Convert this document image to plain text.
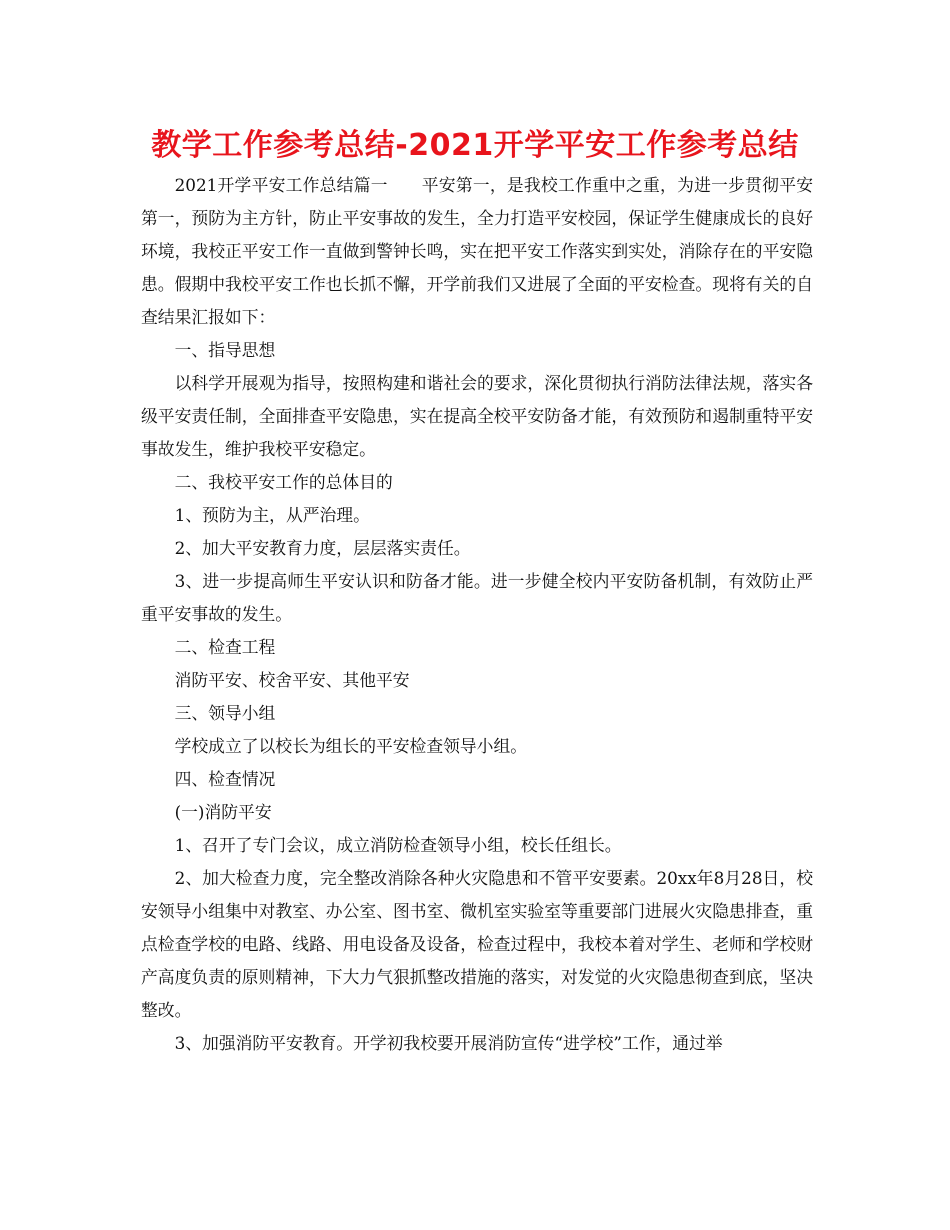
教学工作参考总结-2021开学平安工作参考总结

2021开学平安工作总结篇一　　平安第一，是我校工作重中之重，为进一步贯彻平安第一，预防为主方针，防止平安事故的发生，全力打造平安校园，保证学生健康成长的良好环境，我校正平安工作一直做到警钟长鸣，实在把平安工作落实到实处，消除存在的平安隐患。假期中我校平安工作也长抓不懈，开学前我们又进展了全面的平安检查。现将有关的自查结果汇报如下：

一、指导思想

以科学开展观为指导，按照构建和谐社会的要求，深化贯彻执行消防法律法规，落实各级平安责任制，全面排查平安隐患，实在提高全校平安防备才能，有效预防和遏制重特平安事故发生，维护我校平安稳定。

二、我校平安工作的总体目的

1、预防为主，从严治理。

2、加大平安教育力度，层层落实责任。

3、进一步提高师生平安认识和防备才能。进一步健全校内平安防备机制，有效防止严重平安事故的发生。

二、检查工程

消防平安、校舍平安、其他平安

三、领导小组

学校成立了以校长为组长的平安检查领导小组。

四、检查情况

(一)消防平安

1、召开了专门会议，成立消防检查领导小组，校长任组长。

2、加大检查力度，完全整改消除各种火灾隐患和不管平安要素。20xx年8月28日，校安领导小组集中对教室、办公室、图书室、微机室实验室等重要部门进展火灾隐患排查，重点检查学校的电路、线路、用电设备及设备，检查过程中，我校本着对学生、老师和学校财产高度负责的原则精神，下大力气狠抓整改措施的落实，对发觉的火灾隐患彻查到底，坚决整改。

3、加强消防平安教育。开学初我校要开展消防宣传“进学校”工作，通过举
